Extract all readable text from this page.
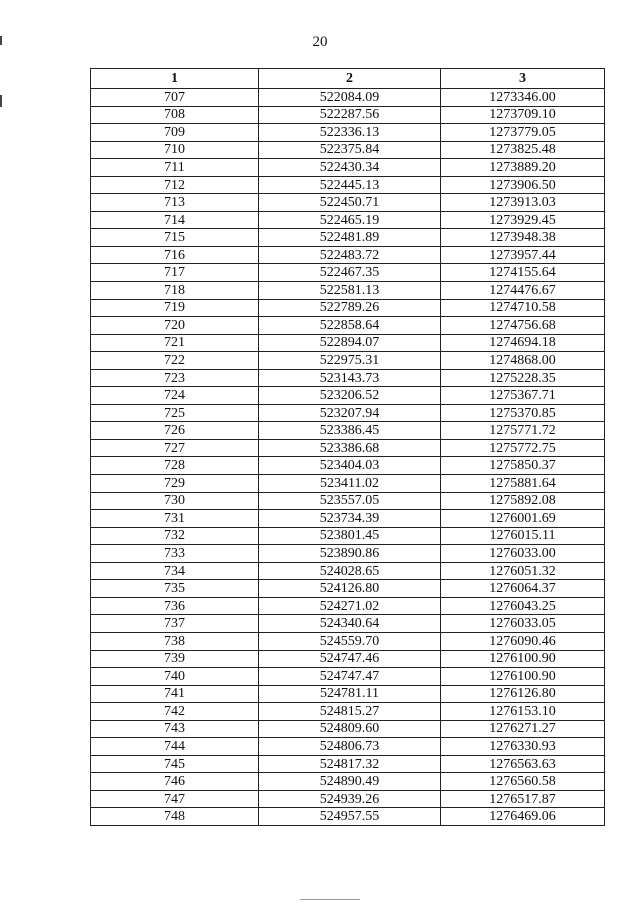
20
1	2	3
707	522084.09	1273346.00
708	522287.56	1273709.10
709	522336.13	1273779.05
710	522375.84	1273825.48
711	522430.34	1273889.20
712	522445.13	1273906.50
713	522450.71	1273913.03
714	522465.19	1273929.45
715	522481.89	1273948.38
716	522483.72	1273957.44
717	522467.35	1274155.64
718	522581.13	1274476.67
719	522789.26	1274710.58
720	522858.64	1274756.68
721	522894.07	1274694.18
722	522975.31	1274868.00
723	523143.73	1275228.35
724	523206.52	1275367.71
725	523207.94	1275370.85
726	523386.45	1275771.72
727	523386.68	1275772.75
728	523404.03	1275850.37
729	523411.02	1275881.64
730	523557.05	1275892.08
731	523734.39	1276001.69
732	523801.45	1276015.11
733	523890.86	1276033.00
734	524028.65	1276051.32
735	524126.80	1276064.37
736	524271.02	1276043.25
737	524340.64	1276033.05
738	524559.70	1276090.46
739	524747.46	1276100.90
740	524747.47	1276100.90
741	524781.11	1276126.80
742	524815.27	1276153.10
743	524809.60	1276271.27
744	524806.73	1276330.93
745	524817.32	1276563.63
746	524890.49	1276560.58
747	524939.26	1276517.87
748	524957.55	1276469.06
